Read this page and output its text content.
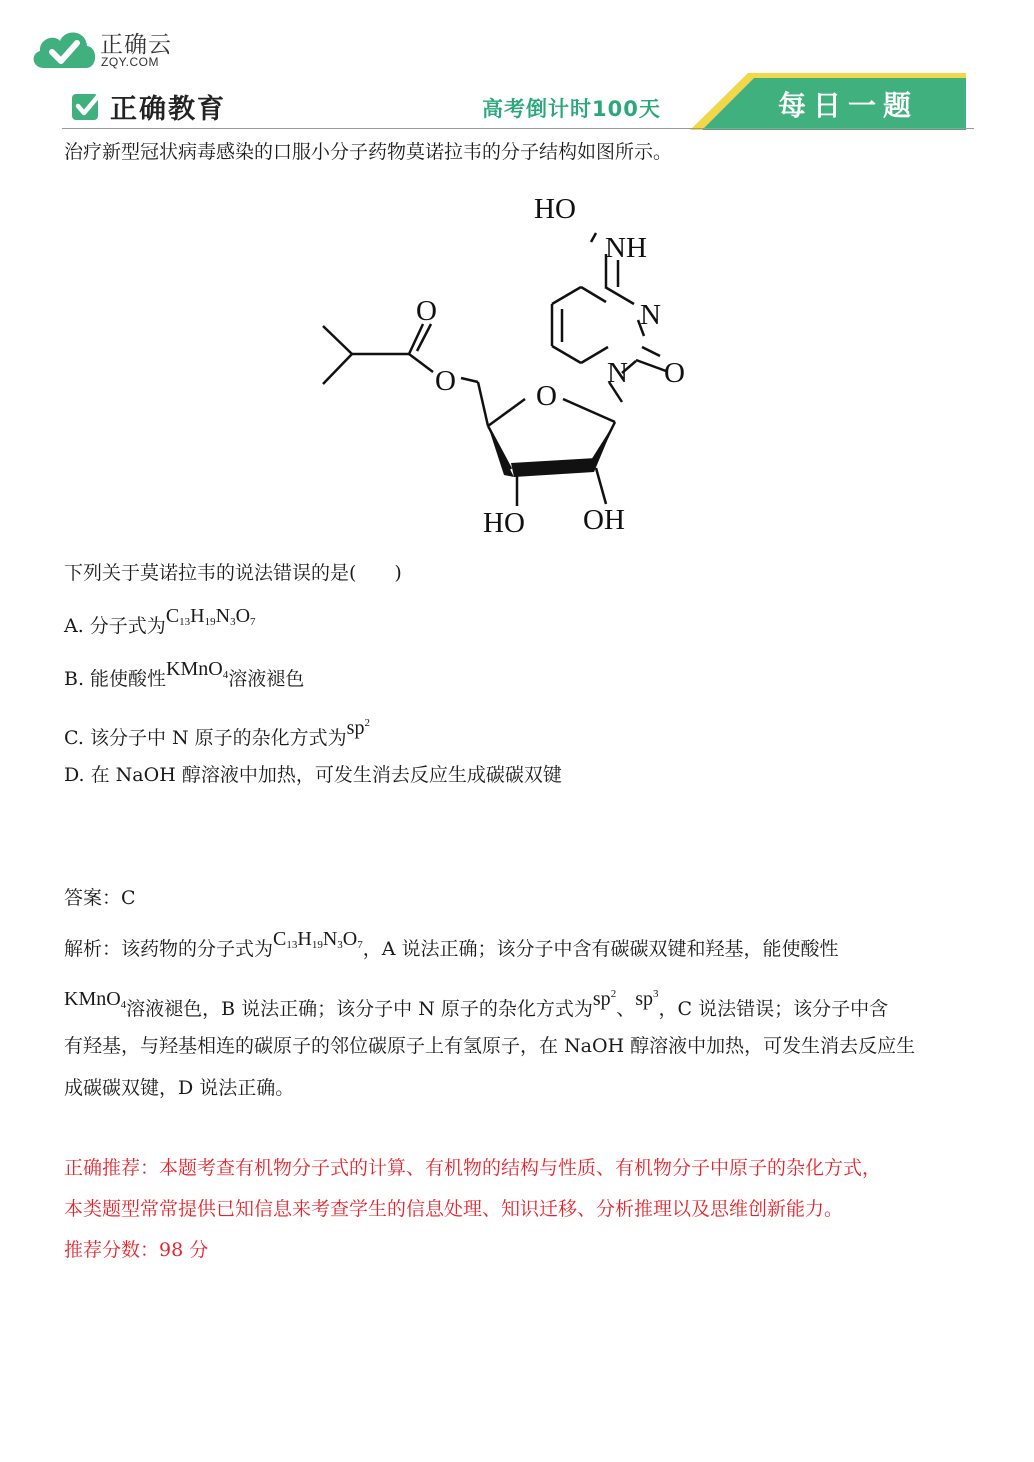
正确云
ZQY.COM
正确教育	高考倒计时100天	每日一题
治疗新型冠状病毒感染的口服小分子药物莫诺拉韦的分子结构如图所示。
HO
NH
N
N O
O
O	O
HO OH
下列关于莫诺拉韦的说法错误的是(　　)
A. 分子式为$C_{13}H_{19}N_3O_7$
B. 能使酸性KMnO$_4$溶液褪色
C. 该分子中 N 原子的杂化方式为$sp^2$
D. 在 NaOH 醇溶液中加热，可发生消去反应生成碳碳双键
答案：C
解析：该药物的分子式为$C_{13}H_{19}N_3O_7$，A 说法正确；该分子中含有碳碳双键和羟基，能使酸性
KMnO$_4$溶液褪色，B 说法正确；该分子中 N 原子的杂化方式为$sp^2$、$sp^3$，C 说法错误；该分子中含
有羟基，与羟基相连的碳原子的邻位碳原子上有氢原子，在 NaOH 醇溶液中加热，可发生消去反应生
成碳碳双键，D 说法正确。
正确推荐：本题考查有机物分子式的计算、有机物的结构与性质、有机物分子中原子的杂化方式，
本类题型常常提供已知信息来考查学生的信息处理、知识迁移、分析推理以及思维创新能力。
推荐分数：98 分
